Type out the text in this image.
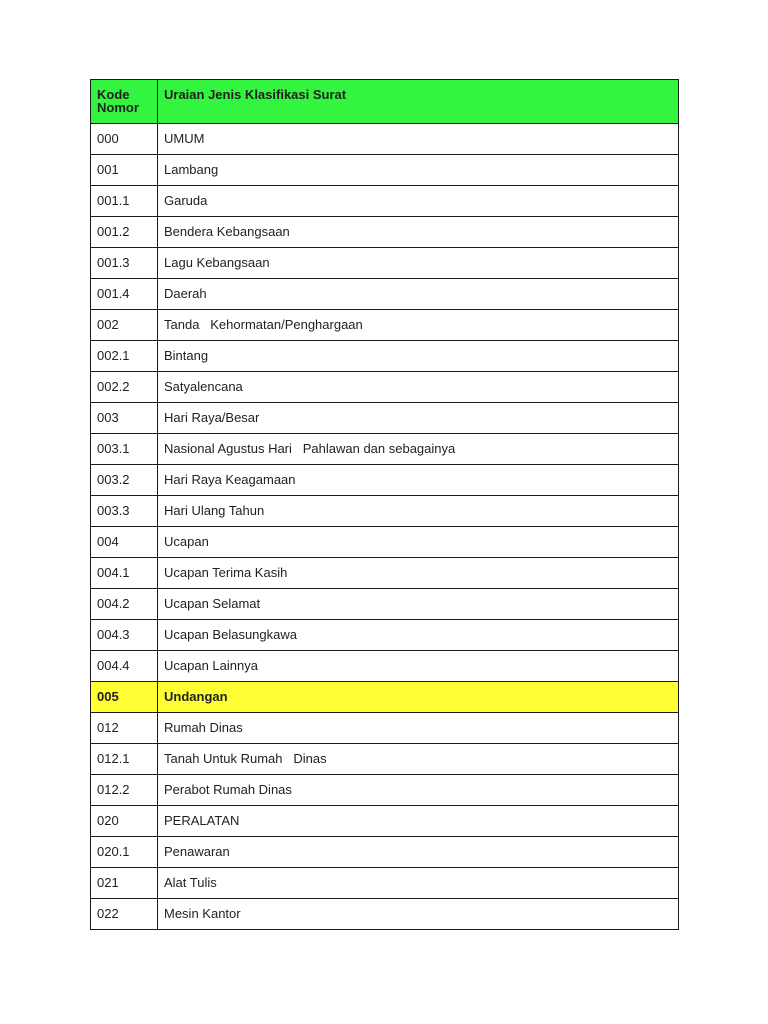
Kode Nomor	Uraian Jenis Klasifikasi Surat
000	UMUM
001	Lambang
001.1	Garuda
001.2	Bendera Kebangsaan
001.3	Lagu Kebangsaan
001.4	Daerah
002	Tanda   Kehormatan/Penghargaan
002.1	Bintang
002.2	Satyalencana
003	Hari Raya/Besar
003.1	Nasional Agustus Hari   Pahlawan dan sebagainya
003.2	Hari Raya Keagamaan
003.3	Hari Ulang Tahun
004	Ucapan
004.1	Ucapan Terima Kasih
004.2	Ucapan Selamat
004.3	Ucapan Belasungkawa
004.4	Ucapan Lainnya
005	Undangan
012	Rumah Dinas
012.1	Tanah Untuk Rumah   Dinas
012.2	Perabot Rumah Dinas
020	PERALATAN
020.1	Penawaran
021	Alat Tulis
022	Mesin Kantor
